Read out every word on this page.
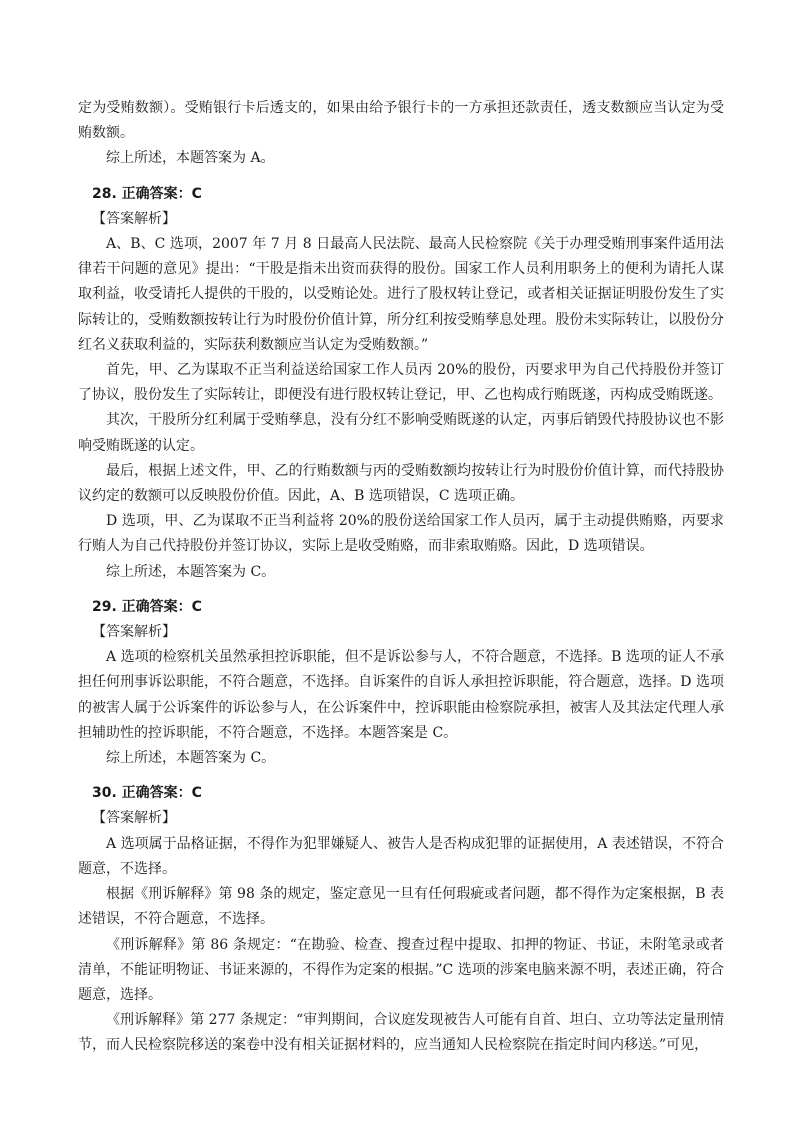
定为受贿数额）。受贿银行卡后透支的，如果由给予银行卡的一方承担还款责任，透支数额应当认定为受贿数额。

综上所述，本题答案为 A。

28. 正确答案：C
【答案解析】

A、B、C 选项，2007 年 7 月 8 日最高人民法院、最高人民检察院《关于办理受贿刑事案件适用法律若干问题的意见》提出：“干股是指未出资而获得的股份。国家工作人员利用职务上的便利为请托人谋取利益，收受请托人提供的干股的，以受贿论处。进行了股权转让登记，或者相关证据证明股份发生了实际转让的，受贿数额按转让行为时股份价值计算，所分红利按受贿孳息处理。股份未实际转让，以股份分红名义获取利益的，实际获利数额应当认定为受贿数额。”

首先，甲、乙为谋取不正当利益送给国家工作人员丙 20%的股份，丙要求甲为自己代持股份并签订了协议，股份发生了实际转让，即便没有进行股权转让登记，甲、乙也构成行贿既遂，丙构成受贿既遂。

其次，干股所分红利属于受贿孳息，没有分红不影响受贿既遂的认定，丙事后销毁代持股协议也不影响受贿既遂的认定。

最后，根据上述文件，甲、乙的行贿数额与丙的受贿数额均按转让行为时股份价值计算，而代持股协议约定的数额可以反映股份价值。因此，A、B 选项错误，C 选项正确。

D 选项，甲、乙为谋取不正当利益将 20%的股份送给国家工作人员丙，属于主动提供贿赂，丙要求行贿人为自己代持股份并签订协议，实际上是收受贿赂，而非索取贿赂。因此，D 选项错误。

综上所述，本题答案为 C。

29. 正确答案：C
【答案解析】

A 选项的检察机关虽然承担控诉职能，但不是诉讼参与人，不符合题意，不选择。B 选项的证人不承担任何刑事诉讼职能，不符合题意，不选择。自诉案件的自诉人承担控诉职能，符合题意，选择。D 选项的被害人属于公诉案件的诉讼参与人，在公诉案件中，控诉职能由检察院承担，被害人及其法定代理人承担辅助性的控诉职能，不符合题意，不选择。本题答案是 C。

综上所述，本题答案为 C。

30. 正确答案：C
【答案解析】

A 选项属于品格证据，不得作为犯罪嫌疑人、被告人是否构成犯罪的证据使用，A 表述错误，不符合题意，不选择。

根据《刑诉解释》第 98 条的规定，鉴定意见一旦有任何瑕疵或者问题，都不得作为定案根据，B 表述错误，不符合题意，不选择。

《刑诉解释》第 86 条规定：“在勘验、检查、搜查过程中提取、扣押的物证、书证，未附笔录或者清单，不能证明物证、书证来源的，不得作为定案的根据。”C 选项的涉案电脑来源不明，表述正确，符合题意，选择。

《刑诉解释》第 277 条规定：“审判期间，合议庭发现被告人可能有自首、坦白、立功等法定量刑情节，而人民检察院移送的案卷中没有相关证据材料的，应当通知人民检察院在指定时间内移送。”可见，
